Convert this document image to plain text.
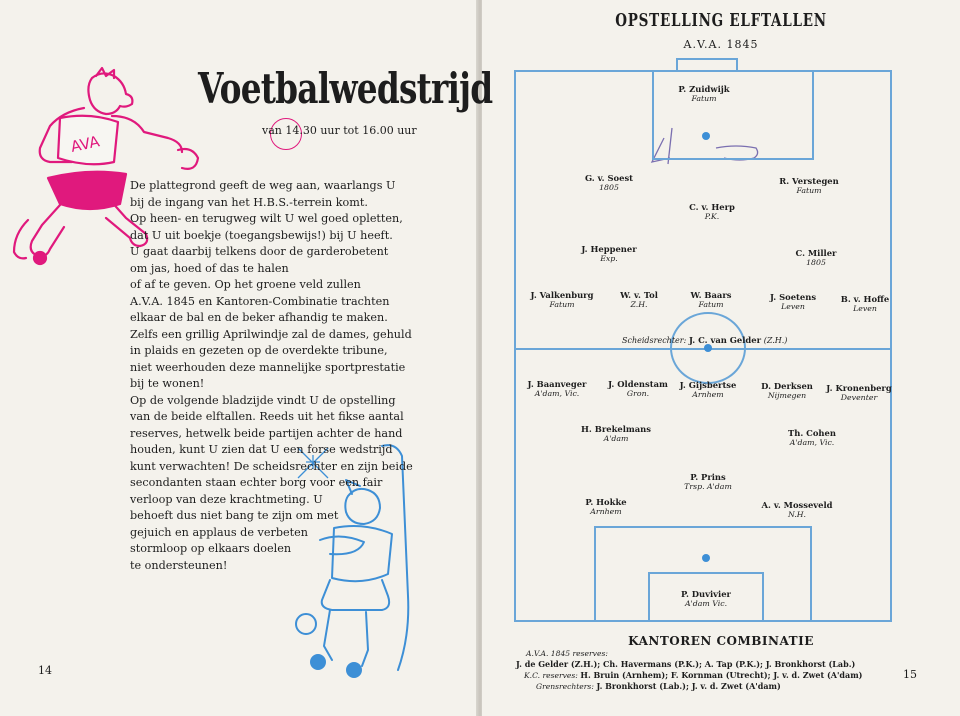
AVA
Voetbalwedstrijd
van 14.30 uur tot 16.00 uur
De plattegrond geeft de weg aan, waarlangs U
bij de ingang van het H.B.S.-terrein komt.
Op heen- en terugweg wilt U wel goed opletten,
dat U uit boekje (toegangsbewijs!) bij U heeft.
U gaat daarbij telkens door de garderobetent
om jas, hoed of das te halen
of af te geven. Op het groene veld zullen
A.V.A. 1845 en Kantoren-Combinatie trachten
elkaar de bal en de beker afhandig te maken.
Zelfs een grillig Aprilwindje zal de dames, gehuld
in plaids en gezeten op de overdekte tribune,
niet weerhouden deze mannelijke sportprestatie
bij te wonen!
Op de volgende bladzijde vindt U de opstelling
van de beide elftallen. Reeds uit het fikse aantal
reserves, hetwelk beide partijen achter de hand
houden, kunt U zien dat U een forse wedstrijd
kunt verwachten! De scheidsrechter en zijn beide
secondanten staan echter borg voor een fair
verloop van deze krachtmeting. U
behoeft dus niet bang te zijn om met
gejuich en applaus de verbeten
stormloop op elkaars doelen
te ondersteunen!
14
OPSTELLING ELFTALLEN
A.V.A. 1845
P. Zuidwijk
Fatum
G. v. Soest
1805
R. Verstegen
Fatum
C. v. Herp
P.K.
J. Heppener
Exp.
C. Miller
1805
J. Valkenburg
Fatum
W. v. Tol
Z.H.
W. Baars
Fatum
J. Soetens
Leven
B. v. Hoffe
Leven
Scheidsrechter: J. C. van Gelder (Z.H.)
J. Baanveger
A'dam, Vic.
J. Oldenstam
Gron.
J. Gijsbertse
Arnhem
D. Derksen
Nijmegen
J. Kronenberg
Deventer
H. Brekelmans
A'dam
Th. Cohen
A'dam, Vic.
P. Prins
Trsp. A'dam
P. Hokke
Arnhem
A. v. Mosseveld
N.H.
P. Duvivier
A'dam Vic.
KANTOREN COMBINATIE
A.V.A. 1845 reserves:
J. de Gelder (Z.H.); Ch. Havermans (P.K.); A. Tap (P.K.); J. Bronkhorst (Lab.)
K.C. reserves: H. Bruin (Arnhem); F. Kornman (Utrecht); J. v. d. Zwet (A'dam)
Grensrechters: J. Bronkhorst (Lab.); J. v. d. Zwet (A'dam)
15
